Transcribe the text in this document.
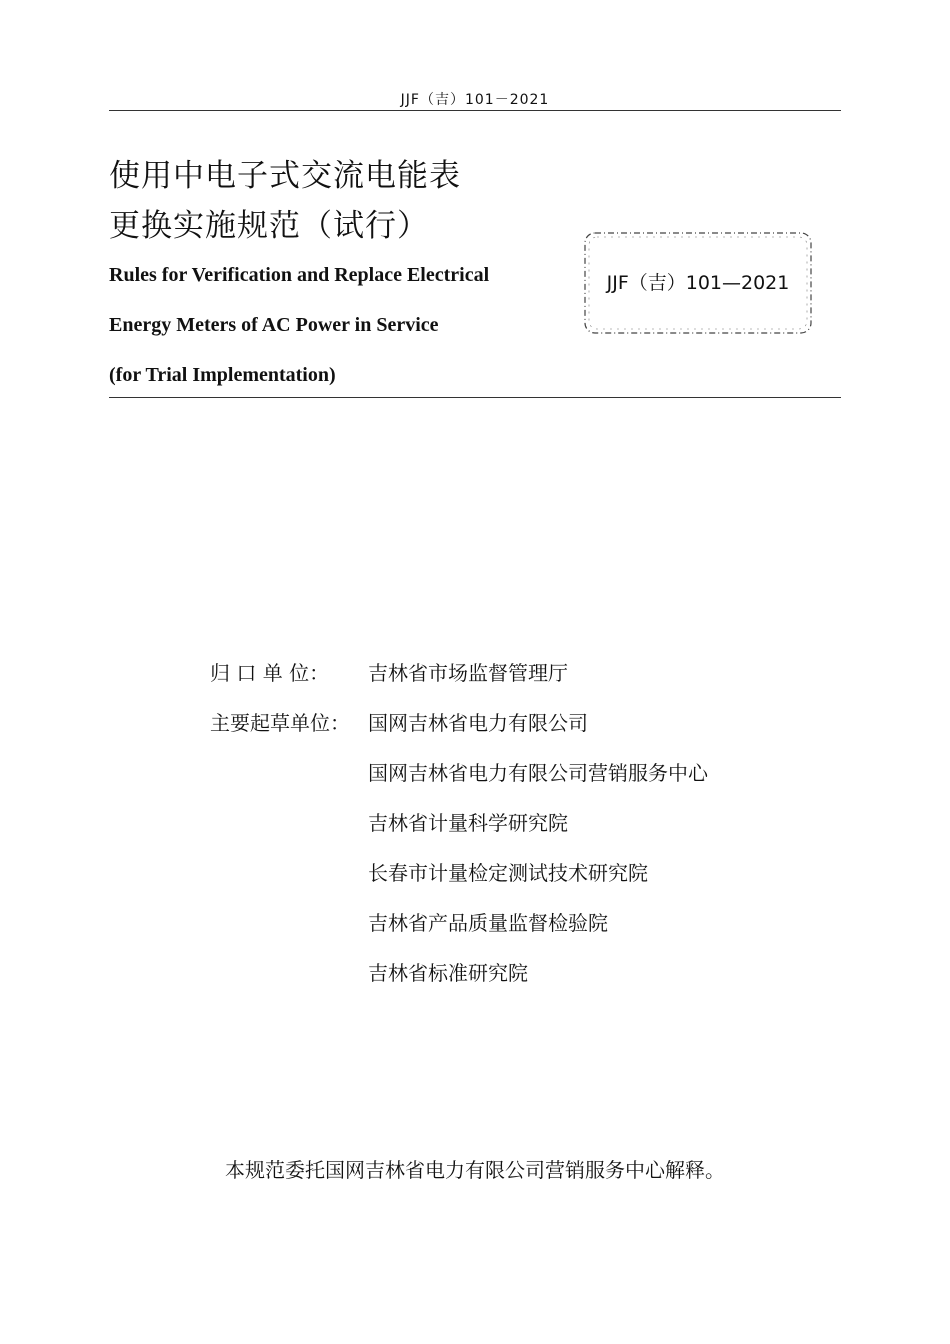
JJF（吉）101－2021
使用中电子式交流电能表
更换实施规范（试行）
Rules for Verification and Replace Electrical
Energy Meters of AC Power in Service
(for Trial Implementation)
JJF（吉）101—2021
归 口 单 位： 吉林省市场监督管理厅
主要起草单位： 国网吉林省电力有限公司
国网吉林省电力有限公司营销服务中心
吉林省计量科学研究院
长春市计量检定测试技术研究院
吉林省产品质量监督检验院
吉林省标准研究院
本规范委托国网吉林省电力有限公司营销服务中心解释。
